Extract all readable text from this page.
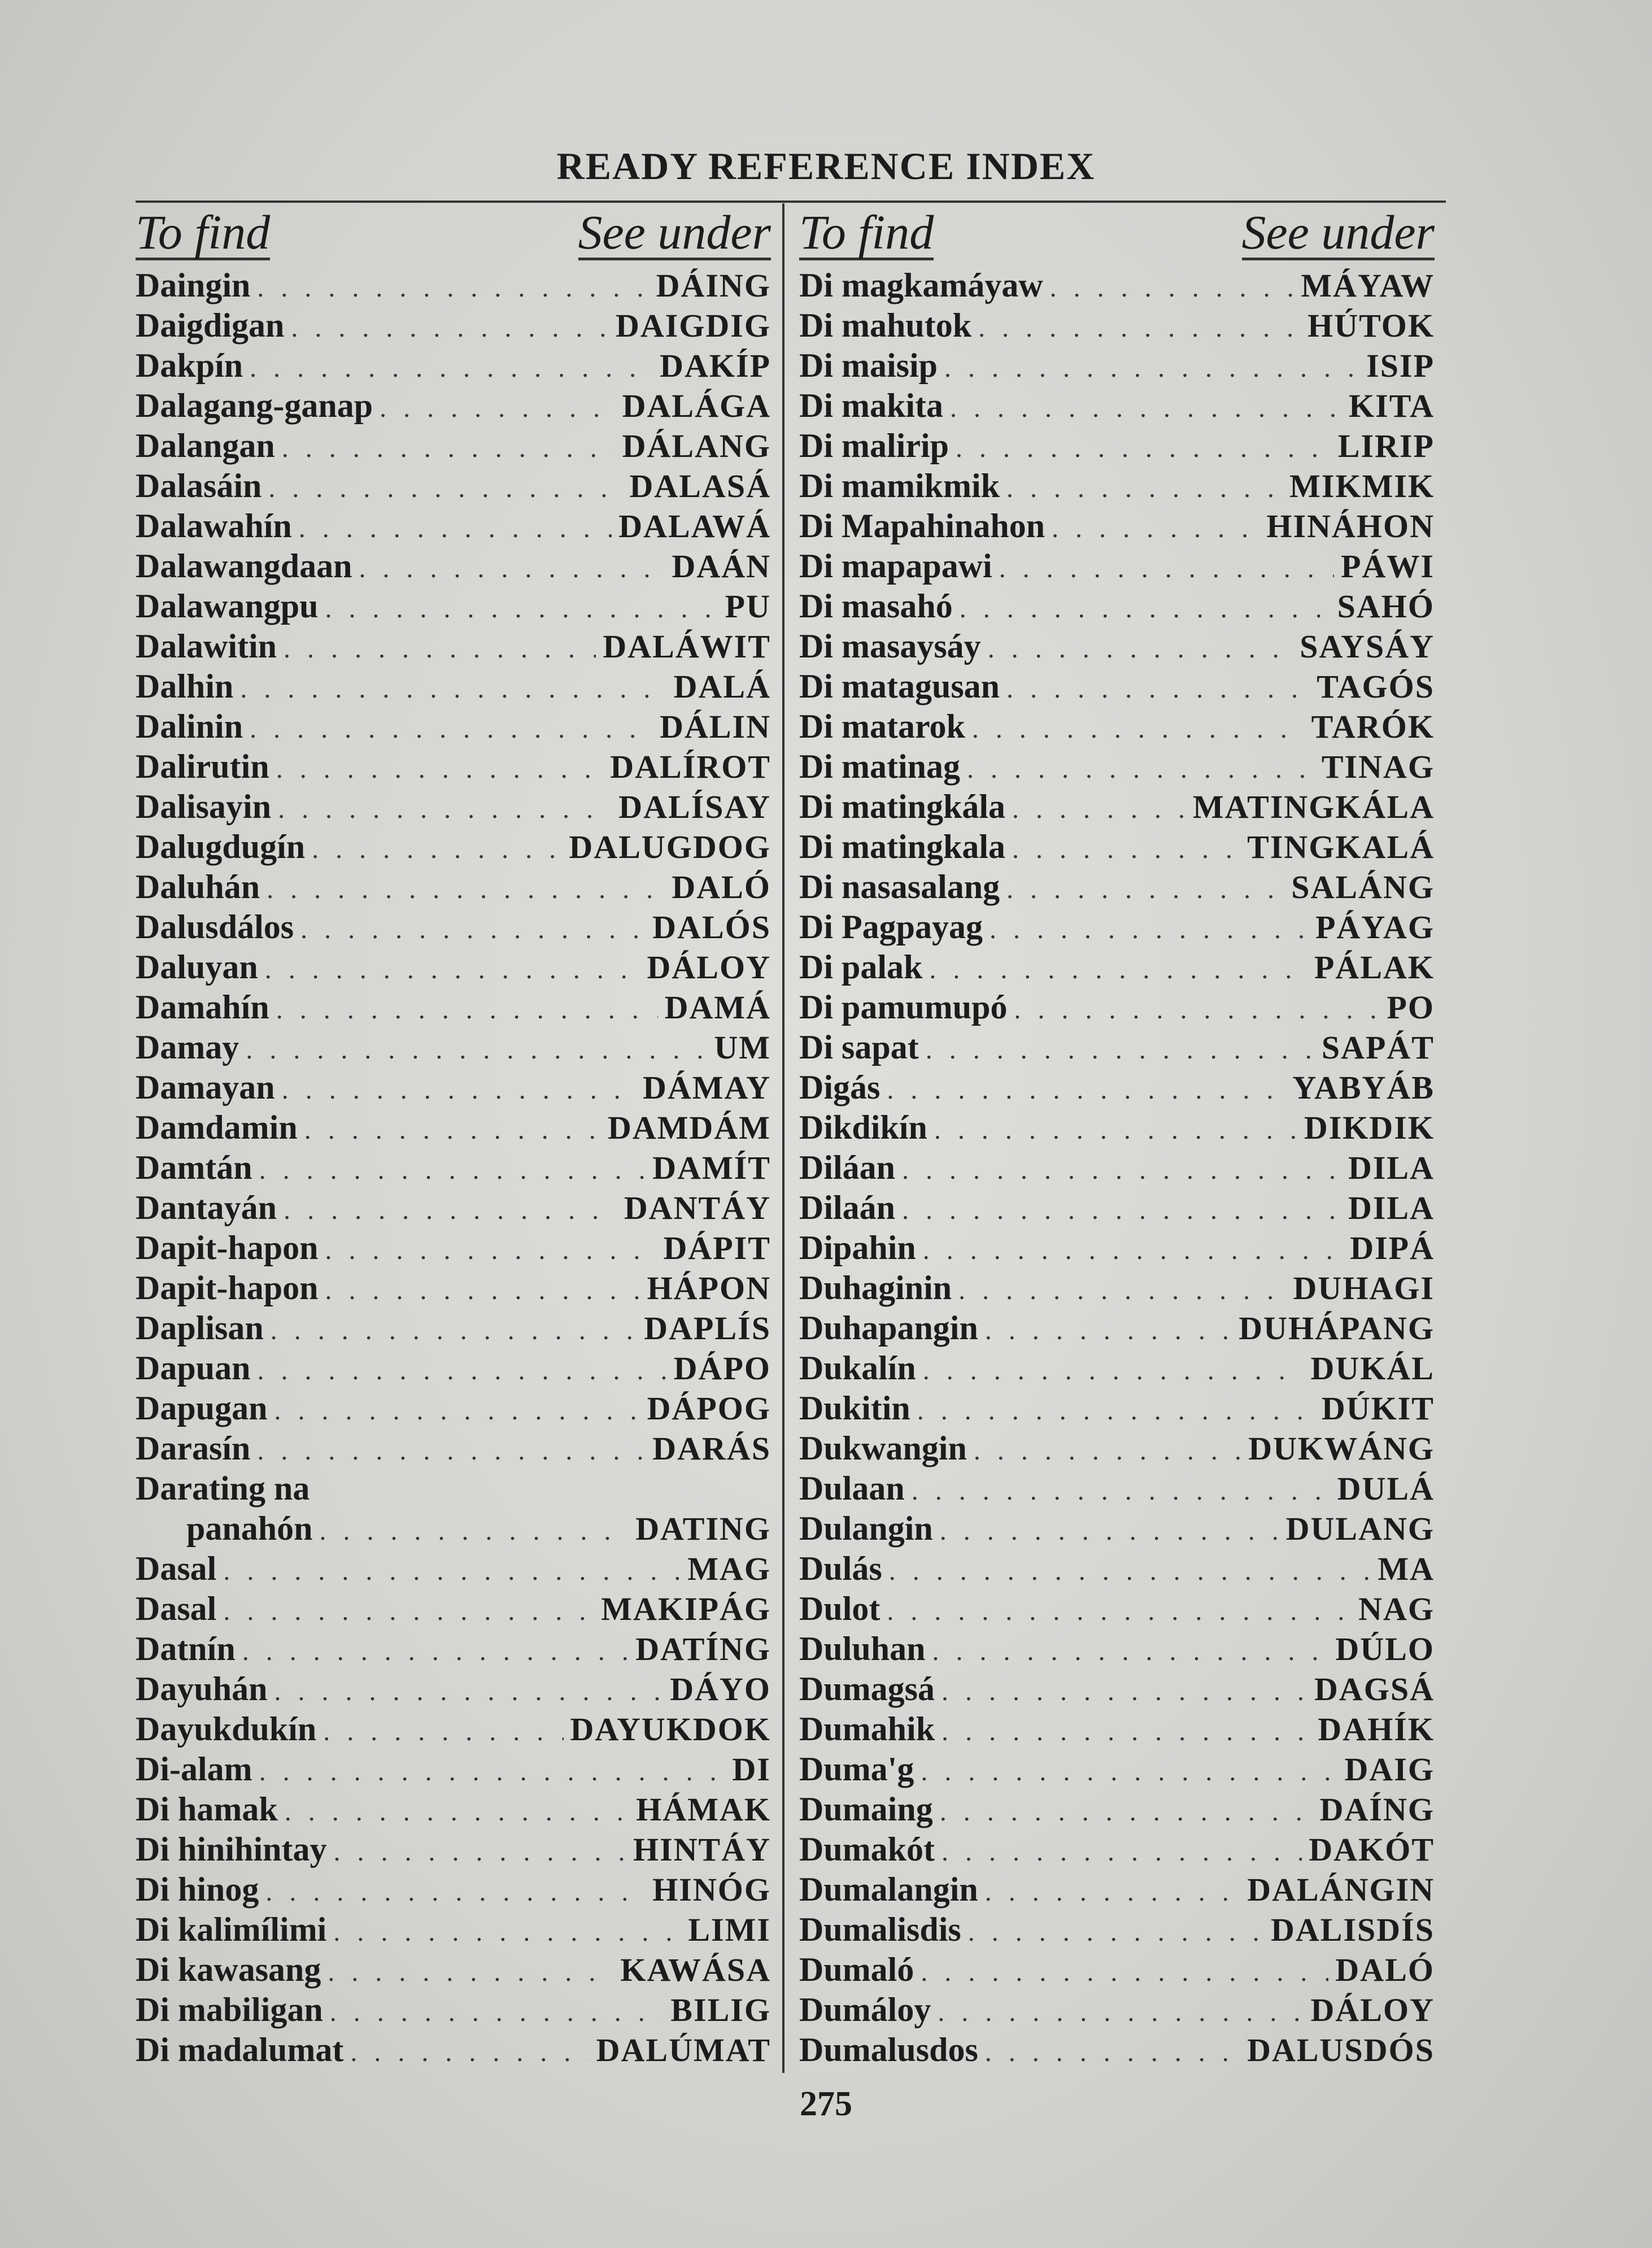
READY REFERENCE INDEX
To find	See under
Daingin . . .	DÁING
Daigdigan . . .	DAIGDIG
Dakpín . . .	DAKÍP
Dalagang-ganap . . .	DALÁGA
Dalangan . . .	DÁLANG
Dalasáin . . .	DALASÁ
Dalawahín . . .	DALAWÁ
Dalawangdaan . . .	DAÁN
Dalawangpu . . .	PU
Dalawitin . . .	DALÁWIT
Dalhin . . .	DALÁ
Dalinin . . .	DÁLIN
Dalirutin . . .	DALÍROT
Dalisayin . . .	DALÍSAY
Dalugdugín . . .	DALUGDOG
Daluhán . . .	DALÓ
Dalusdálos . . .	DALÓS
Daluyan . . .	DÁLOY
Damahín . . .	DAMÁ
Damay . . .	UM
Damayan . . .	DÁMAY
Damdamin . . .	DAMDÁM
Damtán . . .	DAMÍT
Dantayán . . .	DANTÁY
Dapit-hapon . . .	DÁPIT
Dapit-hapon . . .	HÁPON
Daplisan . . .	DAPLÍS
Dapuan . . .	DÁPO
Dapugan . . .	DÁPOG
Darasín . . .	DARÁS
Darating na
panahón . . .	DATING
Dasal . . .	MAG
Dasal . . .	MAKIPÁG
Datnín . . .	DATÍNG
Dayuhán . . .	DÁYO
Dayukdukín . . .	DAYUKDOK
Di-alam . . .	DI
Di hamak . . .	HÁMAK
Di hinihintay . . .	HINTÁY
Di hinog . . .	HINÓG
Di kalimílimi . . .	LIMI
Di kawasang . . .	KAWÁSA
Di mabiligan . . .	BILIG
Di madalumat . . .	DALÚMAT
To find	See under
Di magkamáyaw . . .	MÁYAW
Di mahutok . . .	HÚTOK
Di maisip . . .	ISIP
Di makita . . .	KITA
Di malirip . . .	LIRIP
Di mamikmik . . .	MIKMIK
Di Mapahinahon . . .	HINÁHON
Di mapapawi . . .	PÁWI
Di masahó . . .	SAHÓ
Di masaysáy . . .	SAYSÁY
Di matagusan . . .	TAGÓS
Di matarok . . .	TARÓK
Di matinag . . .	TINAG
Di matingkála . . .	MATINGKÁLA
Di matingkala . . .	TINGKALÁ
Di nasasalang . . .	SALÁNG
Di Pagpayag . . .	PÁYAG
Di palak . . .	PÁLAK
Di pamumupó . . .	PO
Di sapat . . .	SAPÁT
Digás . . .	YABYÁB
Dikdikín . . .	DIKDIK
Diláan . . .	DILA
Dilaán . . .	DILA
Dipahin . . .	DIPÁ
Duhaginin . . .	DUHAGI
Duhapangin . . .	DUHÁPANG
Dukalín . . .	DUKÁL
Dukitin . . .	DÚKIT
Dukwangin . . .	DUKWÁNG
Dulaan . . .	DULÁ
Dulangin . . .	DULANG
Dulás . . .	MA
Dulot . . .	NAG
Duluhan . . .	DÚLO
Dumagsá . . .	DAGSÁ
Dumahik . . .	DAHÍK
Duma'g . . .	DAIG
Dumaing . . .	DAÍNG
Dumakót . . .	DAKÓT
Dumalangin . . .	DALÁNGIN
Dumalisdis . . .	DALISDÍS
Dumaló . . .	DALÓ
Dumáloy . . .	DÁLOY
Dumalusdos . . .	DALUSDÓS
275
